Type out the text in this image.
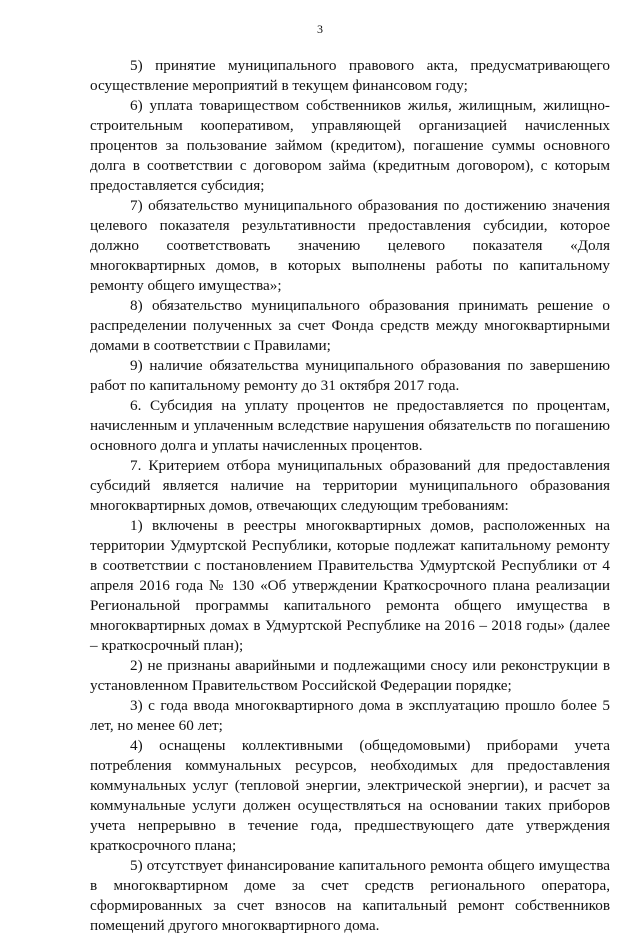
3

5) принятие муниципального правового акта, предусматривающего осуществление мероприятий в текущем финансовом году;

6) уплата товариществом собственников жилья, жилищным, жилищно-строительным кооперативом, управляющей организацией начисленных процентов за пользование займом (кредитом), погашение суммы основного долга в соответствии с договором займа (кредитным договором), с которым предоставляется субсидия;

7) обязательство муниципального образования по достижению значения целевого показателя результативности предоставления субсидии, которое должно соответствовать значению целевого показателя «Доля многоквартирных домов, в которых выполнены работы по капитальному ремонту общего имущества»;

8) обязательство муниципального образования принимать решение о распределении полученных за счет Фонда средств между многоквартирными домами в соответствии с Правилами;

9) наличие обязательства муниципального образования по завершению работ по капитальному ремонту до 31 октября 2017 года.

6. Субсидия на уплату процентов не предоставляется по процентам, начисленным и уплаченным вследствие нарушения обязательств по погашению основного долга и уплаты начисленных процентов.

7. Критерием отбора муниципальных образований для предоставления субсидий является наличие на территории муниципального образования многоквартирных домов, отвечающих следующим требованиям:

1) включены в реестры многоквартирных домов, расположенных на территории Удмуртской Республики, которые подлежат капитальному ремонту в соответствии с постановлением Правительства Удмуртской Республики от 4 апреля 2016 года № 130 «Об утверждении Краткосрочного плана реализации Региональной программы капитального ремонта общего имущества в многоквартирных домах в Удмуртской Республике на 2016 – 2018 годы» (далее – краткосрочный план);

2) не признаны аварийными и подлежащими сносу или реконструкции в установленном Правительством Российской Федерации порядке;

3) с года ввода многоквартирного дома в эксплуатацию прошло более 5 лет, но менее 60 лет;

4) оснащены коллективными (общедомовыми) приборами учета потребления коммунальных ресурсов, необходимых для предоставления коммунальных услуг (тепловой энергии, электрической энергии), и расчет за коммунальные услуги должен осуществляться на основании таких приборов учета непрерывно в течение года, предшествующего дате утверждения краткосрочного плана;

5) отсутствует финансирование капитального ремонта общего имущества в многоквартирном доме за счет средств регионального оператора, сформированных за счет взносов на капитальный ремонт собственников помещений другого многоквартирного дома.
